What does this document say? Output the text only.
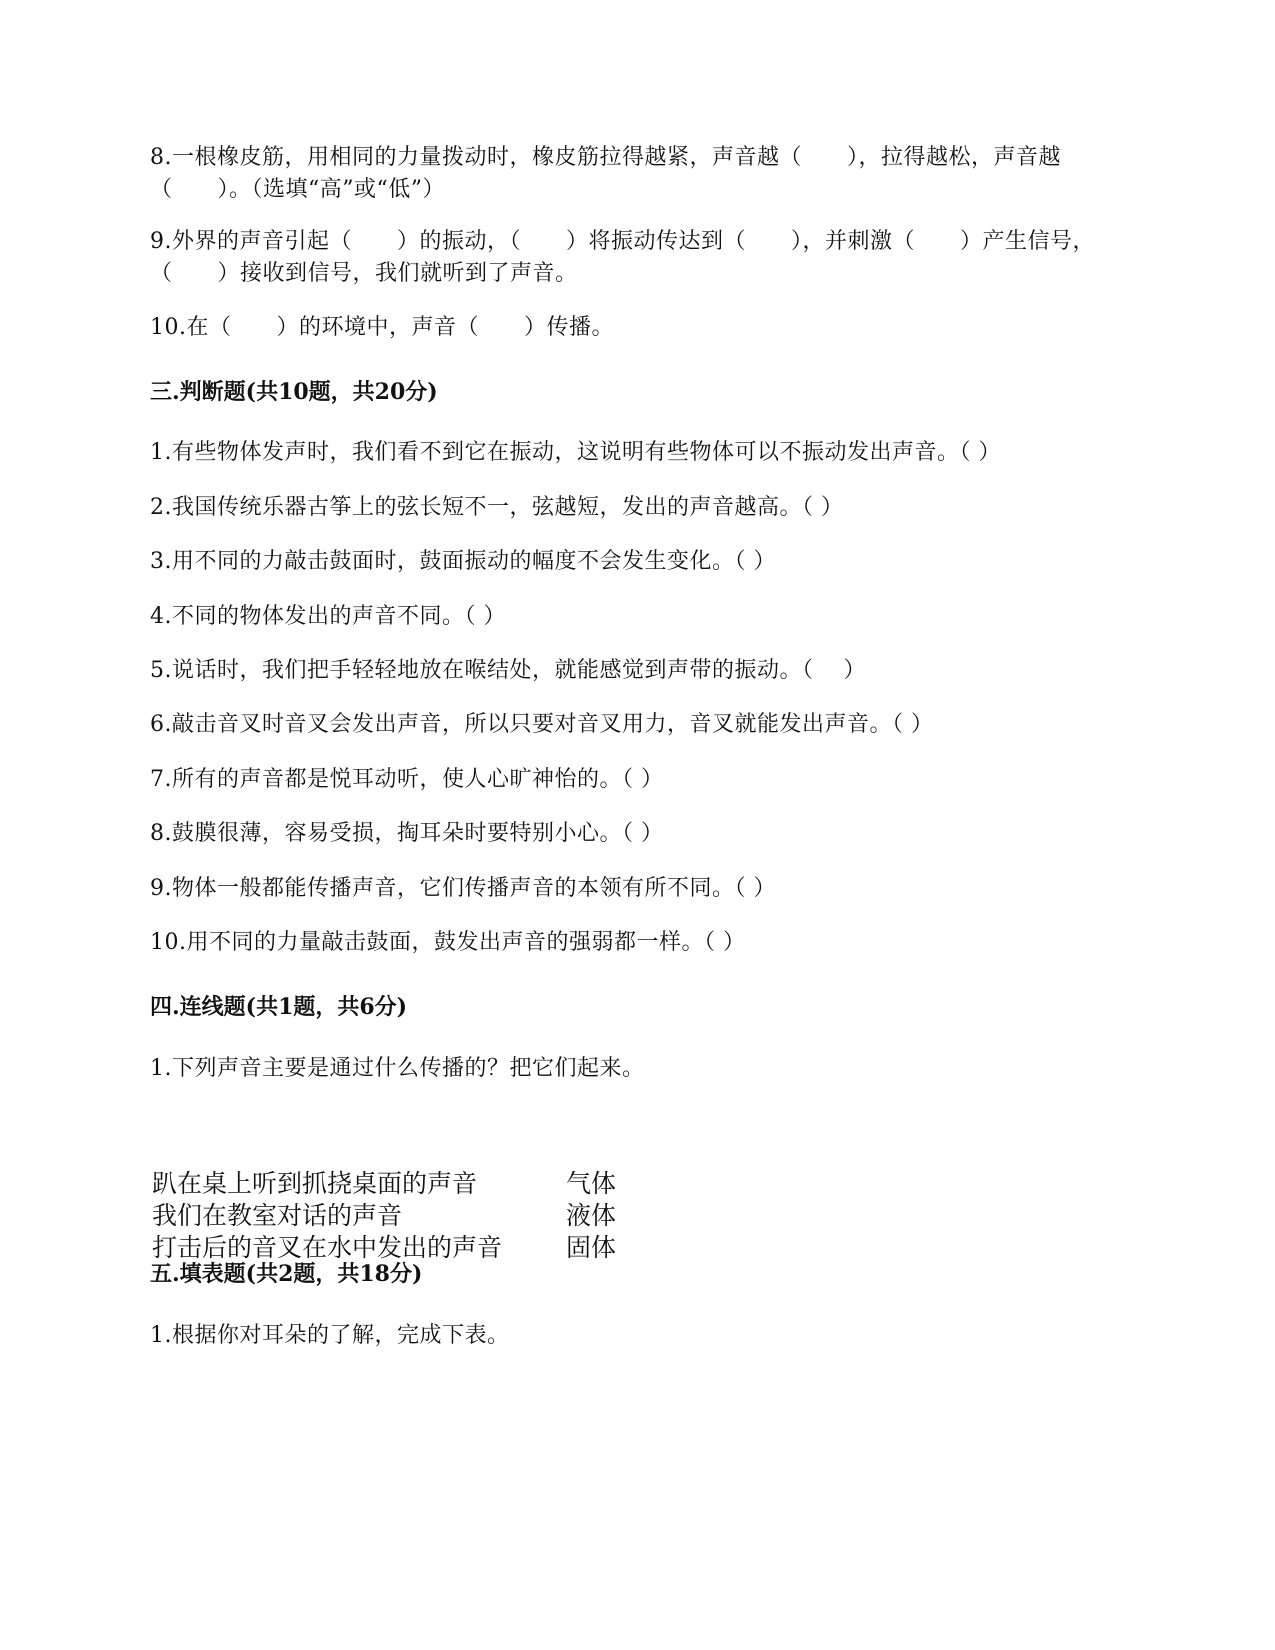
8.一根橡皮筋，用相同的力量拨动时，橡皮筋拉得越紧，声音越（　　），拉得越松，声音越（　　）。（选填“高”或“低”）
9.外界的声音引起（　　）的振动，（　　）将振动传达到（　　），并刺激（　　）产生信号，（　　）接收到信号，我们就听到了声音。
10.在（　　）的环境中，声音（　　）传播。
三.判断题(共10题，共20分)
1.有些物体发声时，我们看不到它在振动，这说明有些物体可以不振动发出声音。（ ）
2.我国传统乐器古筝上的弦长短不一，弦越短，发出的声音越高。（ ）
3.用不同的力敲击鼓面时，鼓面振动的幅度不会发生变化。（ ）
4.不同的物体发出的声音不同。（ ）
5.说话时，我们把手轻轻地放在喉结处，就能感觉到声带的振动。（　 ）
6.敲击音叉时音叉会发出声音，所以只要对音叉用力，音叉就能发出声音。（ ）
7.所有的声音都是悦耳动听，使人心旷神怡的。（ ）
8.鼓膜很薄，容易受损，掏耳朵时要特别小心。（ ）
9.物体一般都能传播声音，它们传播声音的本领有所不同。（ ）
10.用不同的力量敲击鼓面，鼓发出声音的强弱都一样。（ ）
四.连线题(共1题，共6分)
1.下列声音主要是通过什么传播的？把它们起来。
趴在桌上听到抓挠桌面的声音	气体
我们在教室对话的声音	液体
打击后的音叉在水中发出的声音	固体
五.填表题(共2题，共18分)
1.根据你对耳朵的了解，完成下表。
